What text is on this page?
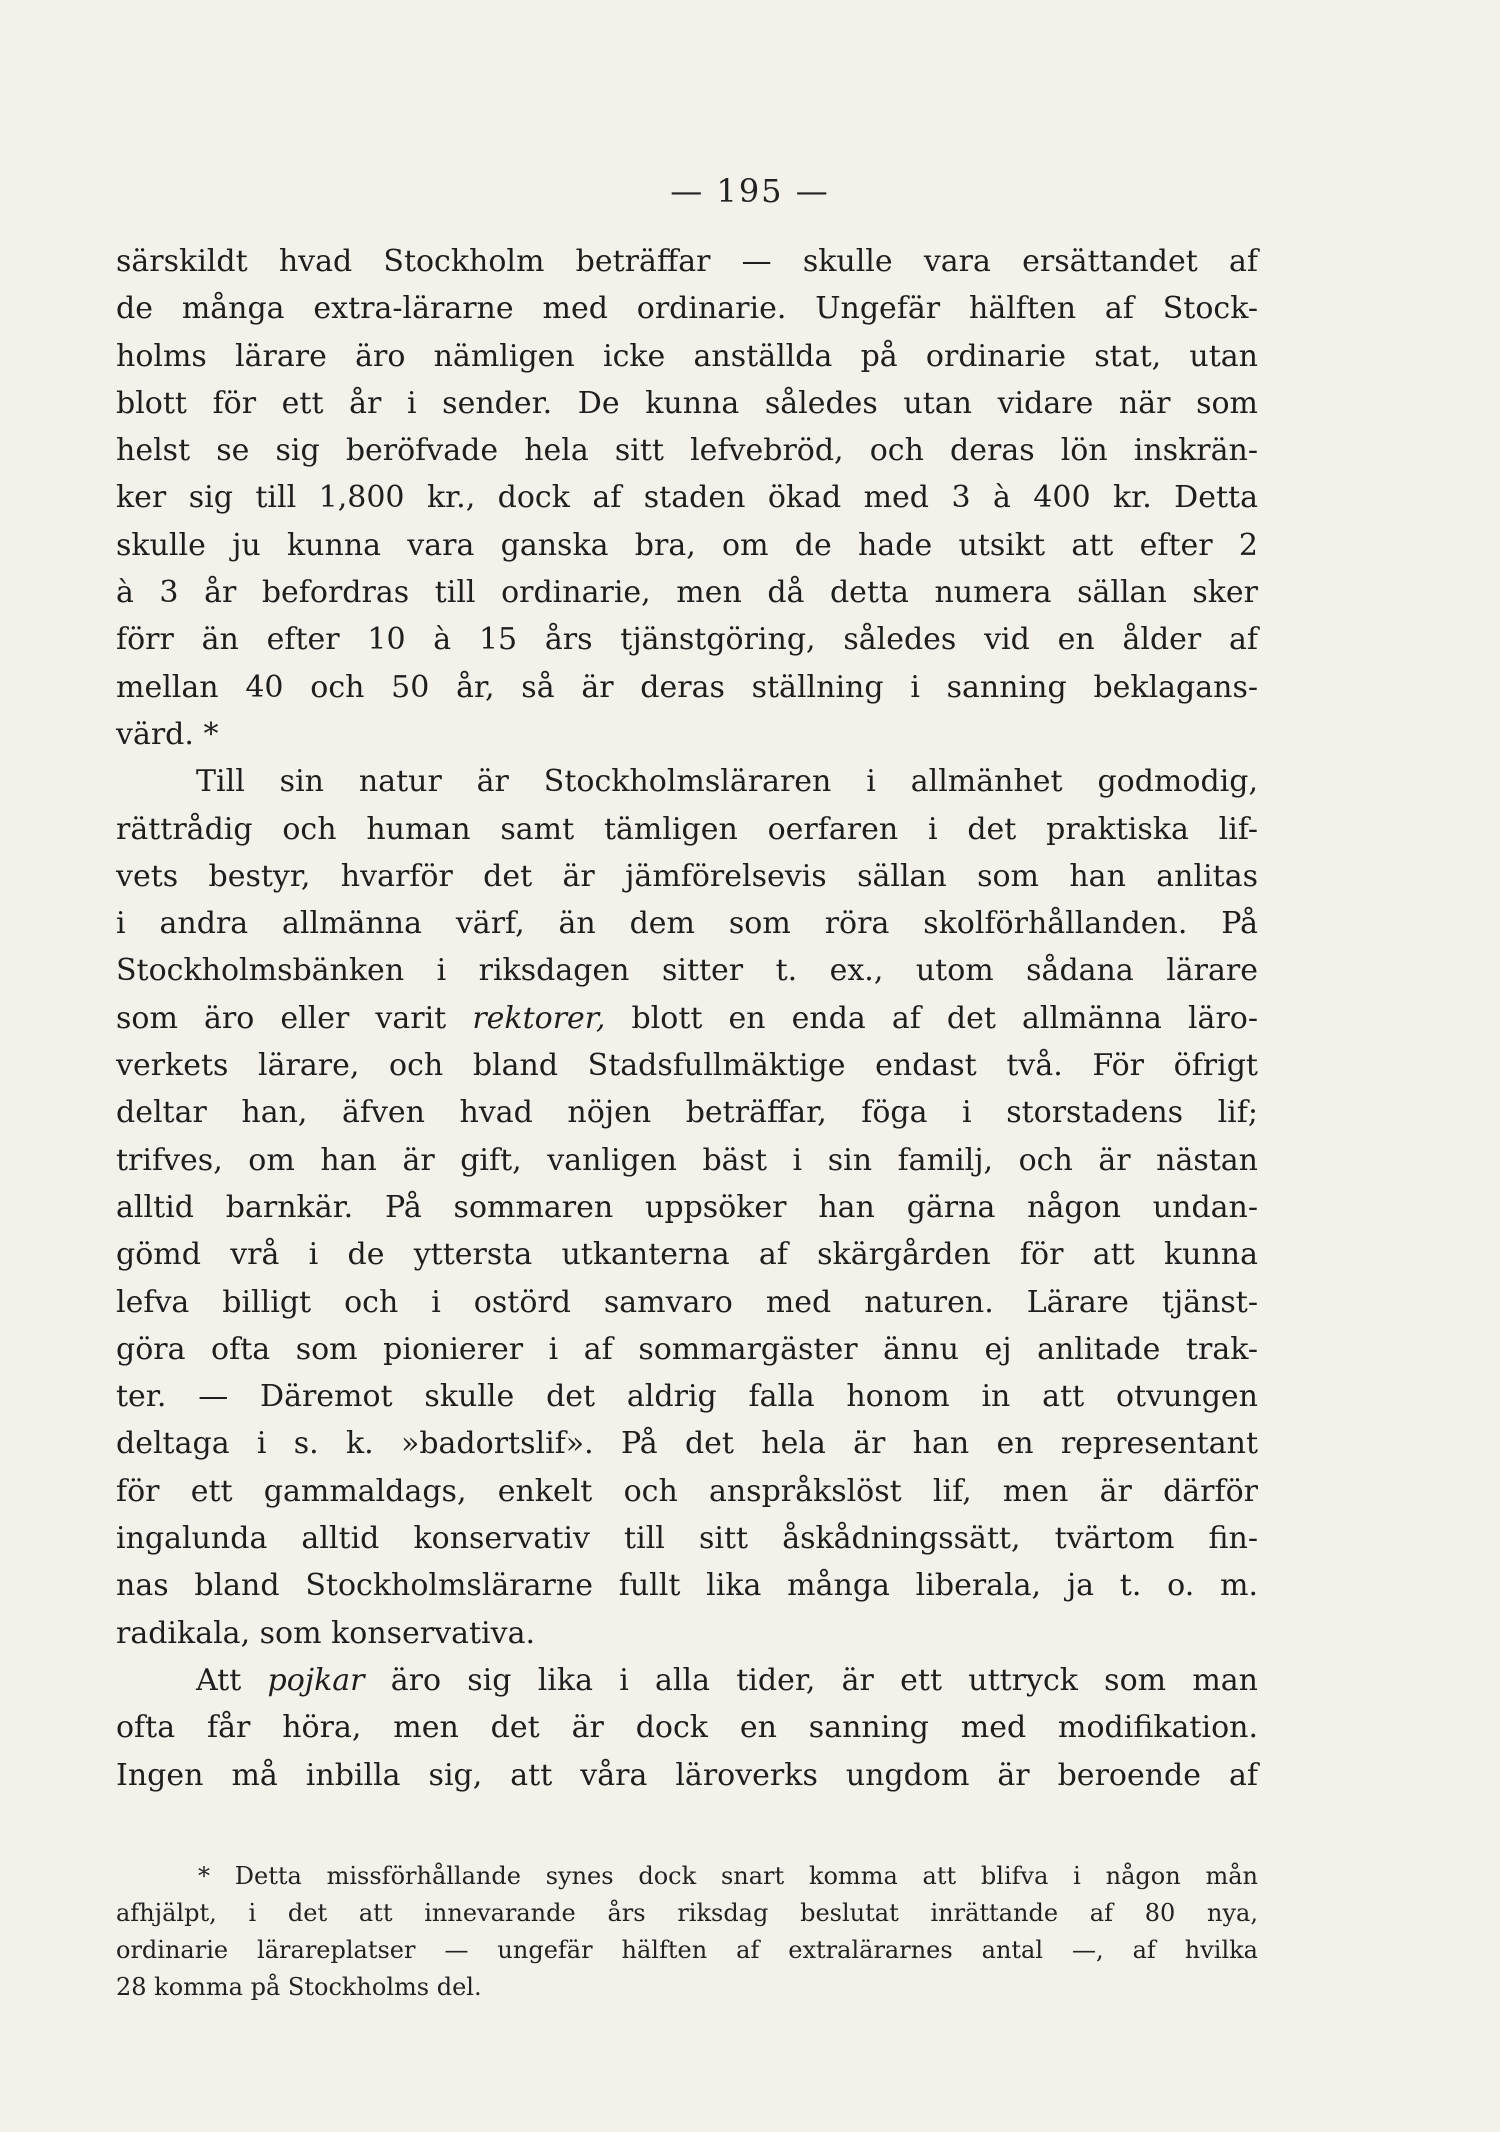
— 195 —
särskildt hvad Stockholm beträffar — skulle vara ersättandet af
de många extra-lärarne med ordinarie. Ungefär hälften af Stock-
holms lärare äro nämligen icke anställda på ordinarie stat, utan
blott för ett år i sender. De kunna således utan vidare när som
helst se sig beröfvade hela sitt lefvebröd, och deras lön inskrän-
ker sig till 1,800 kr., dock af staden ökad med 3 à 400 kr. Detta
skulle ju kunna vara ganska bra, om de hade utsikt att efter 2
à 3 år befordras till ordinarie, men då detta numera sällan sker
förr än efter 10 à 15 års tjänstgöring, således vid en ålder af
mellan 40 och 50 år, så är deras ställning i sanning beklagans-
värd. *
Till sin natur är Stockholmsläraren i allmänhet godmodig,
rättrådig och human samt tämligen oerfaren i det praktiska lif-
vets bestyr, hvarför det är jämförelsevis sällan som han anlitas
i andra allmänna värf, än dem som röra skolförhållanden. På
Stockholmsbänken i riksdagen sitter t. ex., utom sådana lärare
som äro eller varit rektorer, blott en enda af det allmänna läro-
verkets lärare, och bland Stadsfullmäktige endast två. För öfrigt
deltar han, äfven hvad nöjen beträffar, föga i storstadens lif;
trifves, om han är gift, vanligen bäst i sin familj, och är nästan
alltid barnkär. På sommaren uppsöker han gärna någon undan-
gömd vrå i de yttersta utkanterna af skärgården för att kunna
lefva billigt och i ostörd samvaro med naturen. Lärare tjänst-
göra ofta som pionierer i af sommargäster ännu ej anlitade trak-
ter. — Däremot skulle det aldrig falla honom in att otvungen
deltaga i s. k. »badortslif». På det hela är han en representant
för ett gammaldags, enkelt och anspråkslöst lif, men är därför
ingalunda alltid konservativ till sitt åskådningssätt, tvärtom fin-
nas bland Stockholmslärarne fullt lika många liberala, ja t. o. m.
radikala, som konservativa.
Att pojkar äro sig lika i alla tider, är ett uttryck som man
ofta får höra, men det är dock en sanning med modifikation.
Ingen må inbilla sig, att våra läroverks ungdom är beroende af
* Detta missförhållande synes dock snart komma att blifva i någon mån
afhjälpt, i det att innevarande års riksdag beslutat inrättande af 80 nya,
ordinarie lärareplatser — ungefär hälften af extralärarnes antal —, af hvilka
28 komma på Stockholms del.
